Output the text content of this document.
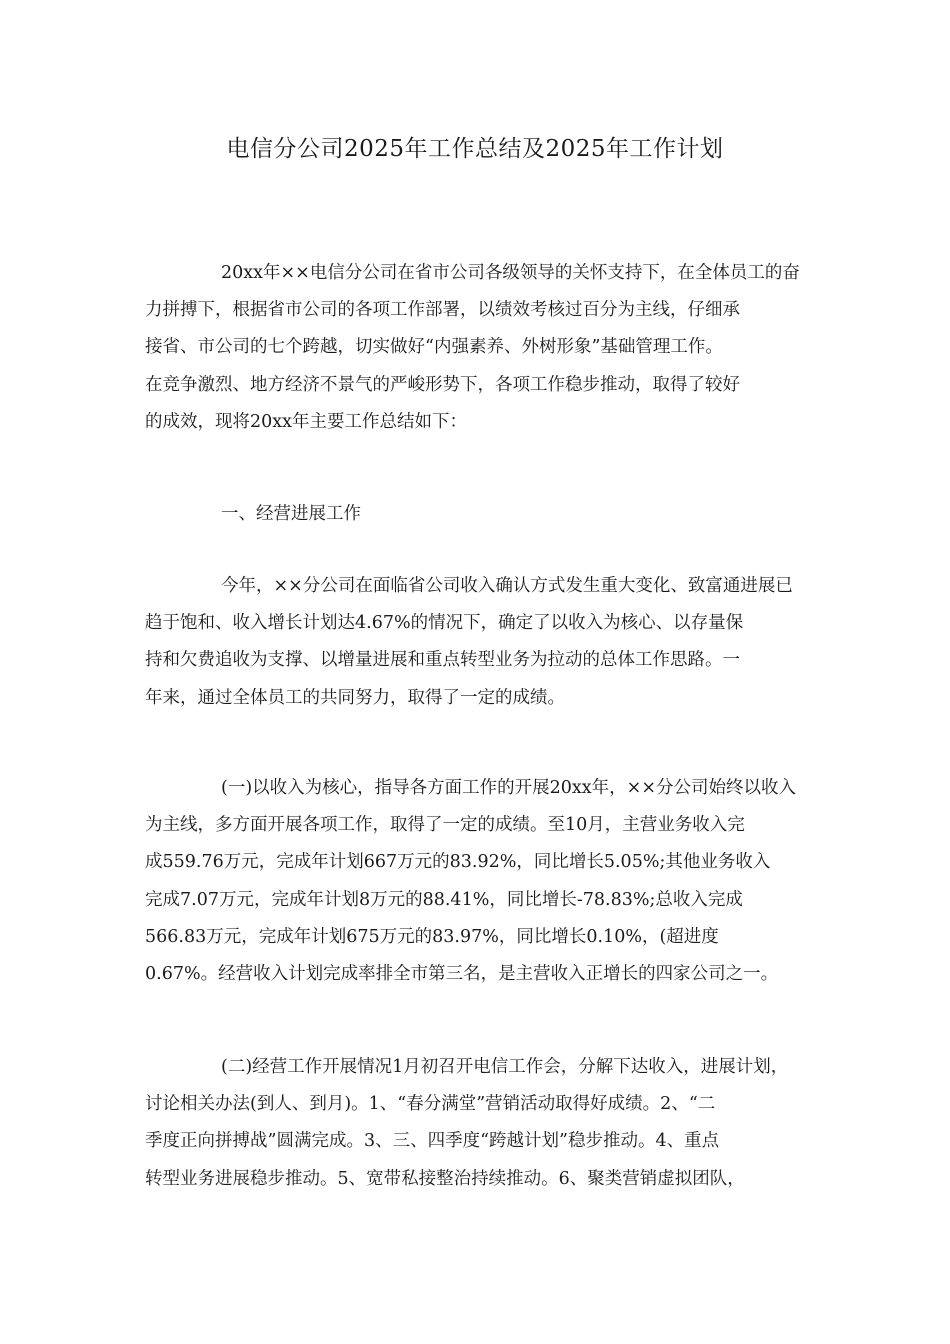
电信分公司2025年工作总结及2025年工作计划

20xx年××电信分公司在省市公司各级领导的关怀支持下，在全体员工的奋
力拼搏下，根据省市公司的各项工作部署，以绩效考核过百分为主线，仔细承
接省、市公司的七个跨越，切实做好“内强素养、外树形象”基础管理工作。
在竞争激烈、地方经济不景气的严峻形势下，各项工作稳步推动，取得了较好
的成效，现将20xx年主要工作总结如下：

一、经营进展工作

今年，××分公司在面临省公司收入确认方式发生重大变化、致富通进展已
趋于饱和、收入增长计划达4.67%的情况下，确定了以收入为核心、以存量保
持和欠费追收为支撑、以增量进展和重点转型业务为拉动的总体工作思路。一
年来，通过全体员工的共同努力，取得了一定的成绩。

(一)以收入为核心，指导各方面工作的开展20xx年，××分公司始终以收入
为主线，多方面开展各项工作，取得了一定的成绩。至10月，主营业务收入完
成559.76万元，完成年计划667万元的83.92%，同比增长5.05%;其他业务收入
完成7.07万元，完成年计划8万元的88.41%，同比增长-78.83%;总收入完成
566.83万元，完成年计划675万元的83.97%，同比增长0.10%，(超进度
0.67%。经营收入计划完成率排全市第三名，是主营收入正增长的四家公司之一。

(二)经营工作开展情况1月初召开电信工作会，分解下达收入，进展计划，
讨论相关办法(到人、到月)。1、“春分满堂”营销活动取得好成绩。2、“二
季度正向拼搏战”圆满完成。3、三、四季度“跨越计划”稳步推动。4、重点
转型业务进展稳步推动。5、宽带私接整治持续推动。6、聚类营销虚拟团队，
